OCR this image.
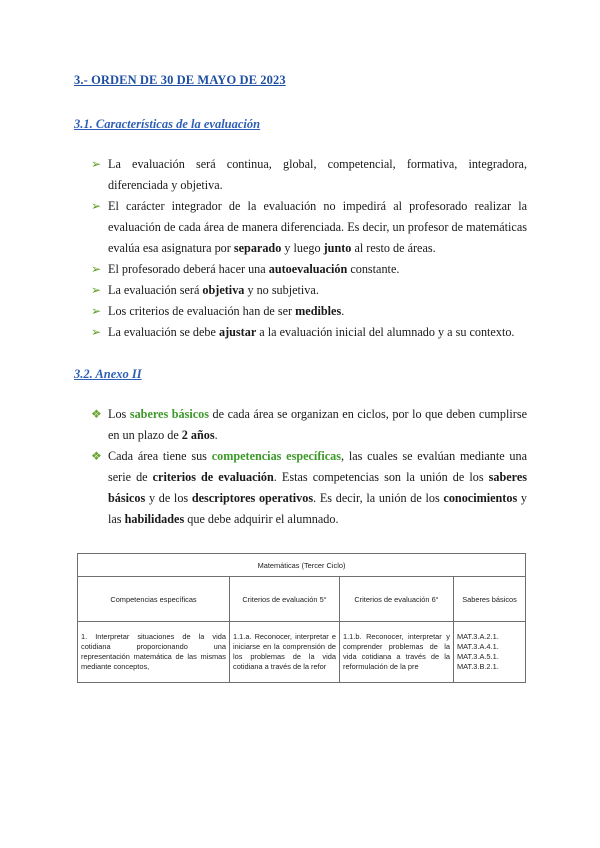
3.- ORDEN DE 30 DE MAYO DE 2023
3.1. Características de la evaluación
➢ La evaluación será continua, global, competencial, formativa, integradora, diferenciada y objetiva.
➢ El carácter integrador de la evaluación no impedirá al profesorado realizar la evaluación de cada área de manera diferenciada. Es decir, un profesor de matemáticas evalúa esa asignatura por separado y luego junto al resto de áreas.
➢ El profesorado deberá hacer una autoevaluación constante.
➢ La evaluación será objetiva y no subjetiva.
➢ Los criterios de evaluación han de ser medibles.
➢ La evaluación se debe ajustar a la evaluación inicial del alumnado y a su contexto.
3.2. Anexo II
❖ Los saberes básicos de cada área se organizan en ciclos, por lo que deben cumplirse en un plazo de 2 años.
❖ Cada área tiene sus competencias específicas, las cuales se evalúan mediante una serie de criterios de evaluación. Estas competencias son la unión de los saberes básicos y de los descriptores operativos. Es decir, la unión de los conocimientos y las habilidades que debe adquirir el alumnado.
Matemáticas (Tercer Ciclo)			
Competencias específicas	Criterios de evaluación 5°	Criterios de evaluación 6°	Saberes básicos
1. Interpretar situaciones de la vida cotidiana proporcionando una representación matemática de las mismas mediante conceptos,	1.1.a. Reconocer, interpretar e iniciarse en la comprensión de los problemas de la vida cotidiana a través de la refor	1.1.b. Reconocer, interpretar y comprender problemas de la vida cotidiana a través de la reformulación de la pre	MAT.3.A.2.1.
MAT.3.A.4.1.
MAT.3.A.5.1.
MAT.3.B.2.1.
